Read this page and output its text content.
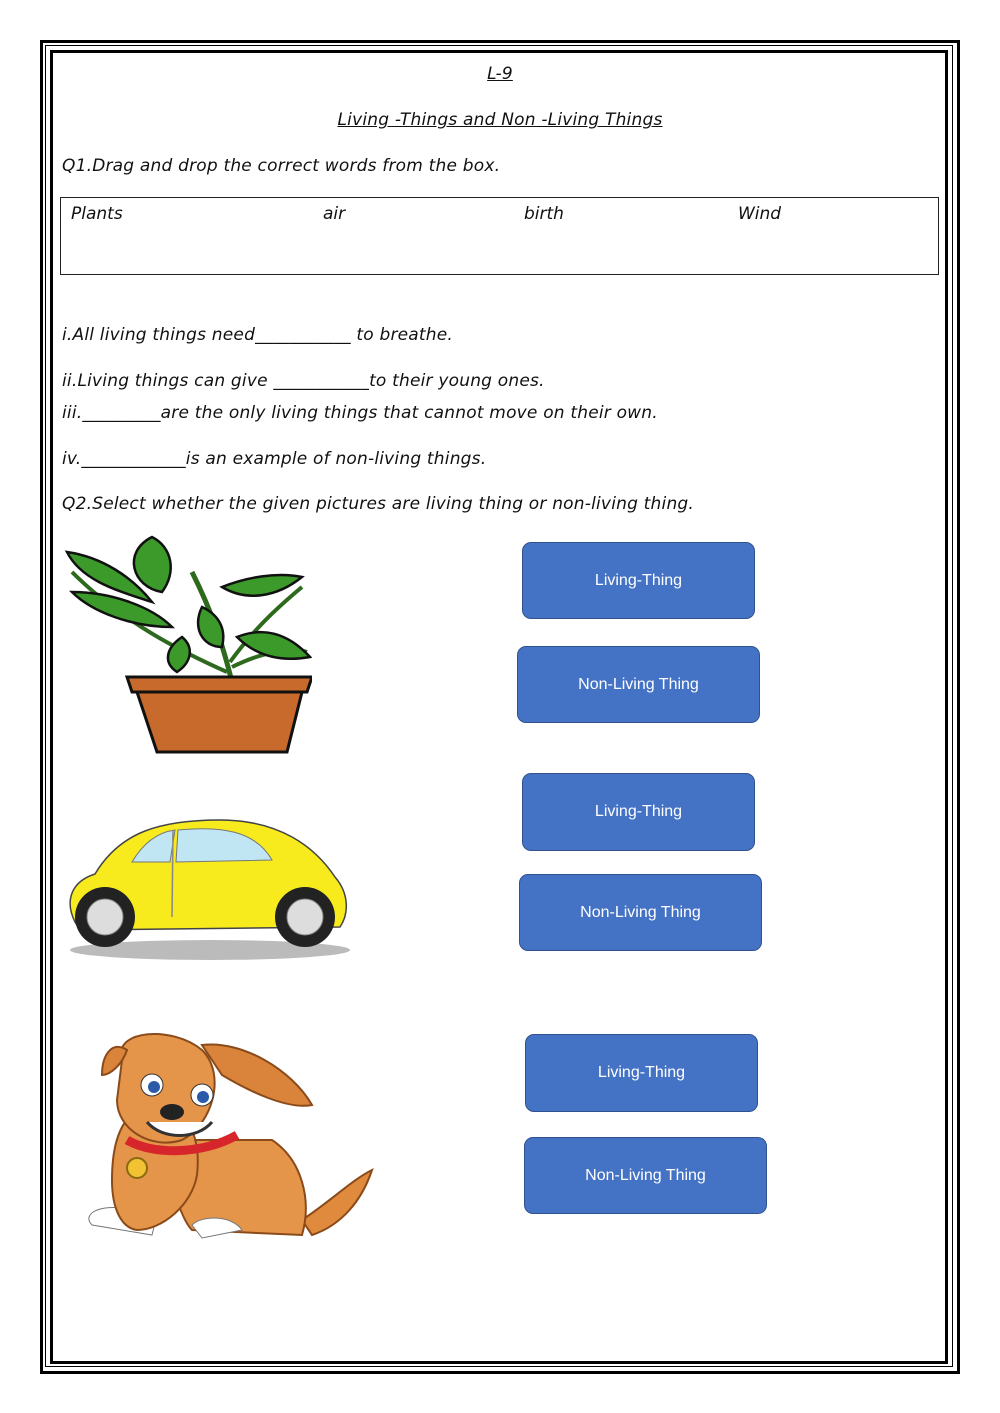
L-9
Living -Things and Non -Living Things
Q1.Drag and drop the correct words from the box.
Plants	air	birth	Wind
i.All living things need___________ to breathe.
ii.Living things can give ___________to their young ones.
iii._________are the only living things that cannot move on their own.
iv.____________is an example of non-living things.
Q2.Select whether the given pictures are living thing or non-living thing.
Living-Thing
Non-Living Thing
Living-Thing
Non-Living Thing
Living-Thing
Non-Living Thing
